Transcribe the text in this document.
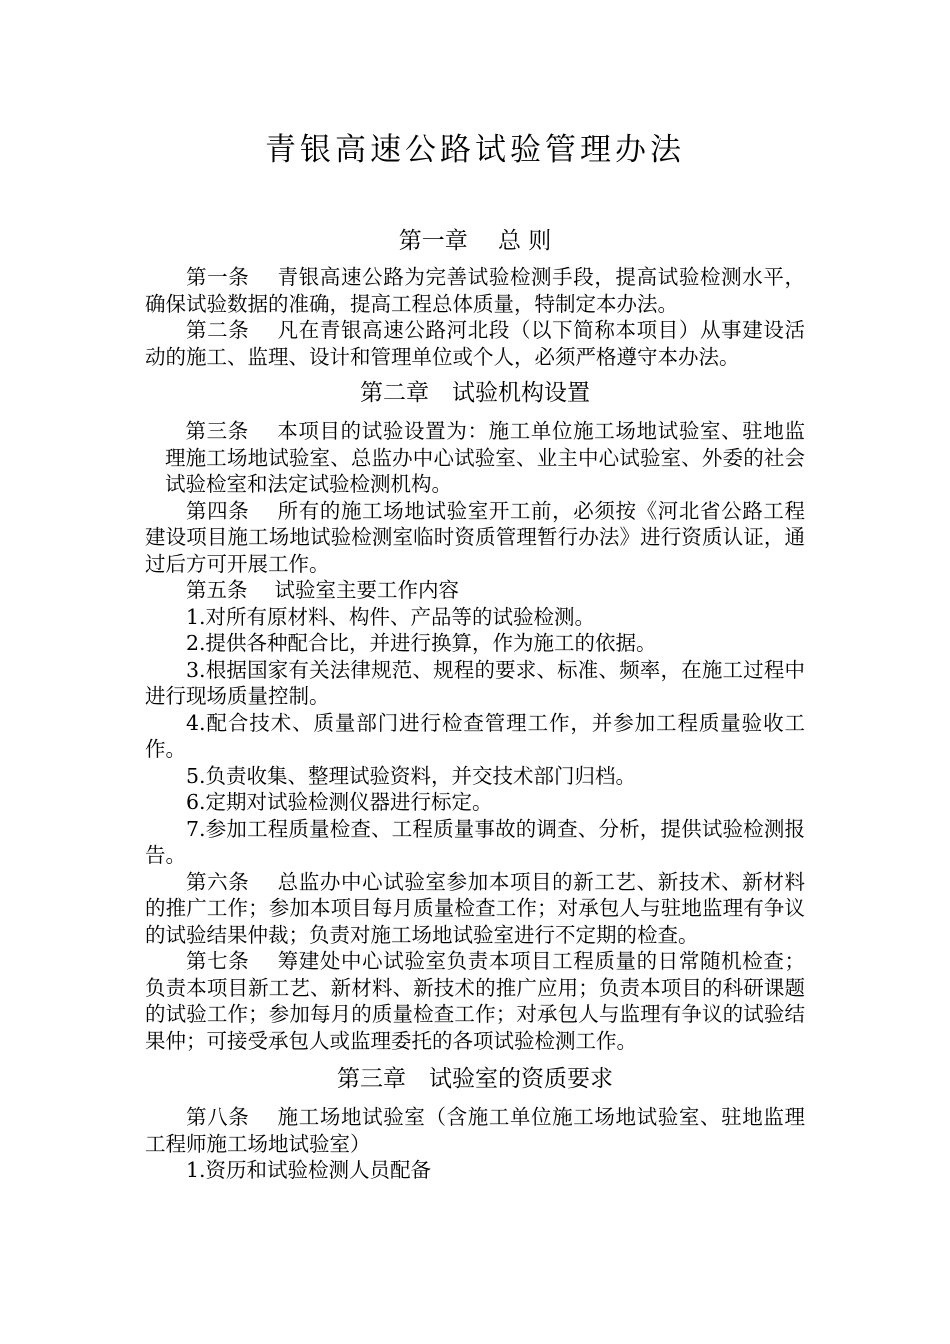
青银高速公路试验管理办法
第一章　 总 则

第一条　 青银高速公路为完善试验检测手段，提高试验检测水平，确保试验数据的准确，提高工程总体质量，特制定本办法。

第二条　 凡在青银高速公路河北段（以下简称本项目）从事建设活动的施工、监理、设计和管理单位或个人，必须严格遵守本办法。

第二章　试验机构设置

第三条　 本项目的试验设置为：施工单位施工场地试验室、驻地监理施工场地试验室、总监办中心试验室、业主中心试验室、外委的社会试验检室和法定试验检测机构。

第四条　 所有的施工场地试验室开工前，必须按《河北省公路工程建设项目施工场地试验检测室临时资质管理暂行办法》进行资质认证，通过后方可开展工作。

第五条　 试验室主要工作内容

1.对所有原材料、构件、产品等的试验检测。

2.提供各种配合比，并进行换算，作为施工的依据。

3.根据国家有关法律规范、规程的要求、标准、频率，在施工过程中进行现场质量控制。

4.配合技术、质量部门进行检查管理工作，并参加工程质量验收工作。

5.负责收集、整理试验资料，并交技术部门归档。

6.定期对试验检测仪器进行标定。

7.参加工程质量检查、工程质量事故的调查、分析，提供试验检测报告。

第六条　 总监办中心试验室参加本项目的新工艺、新技术、新材料的推广工作；参加本项目每月质量检查工作；对承包人与驻地监理有争议的试验结果仲裁；负责对施工场地试验室进行不定期的检查。

第七条　 筹建处中心试验室负责本项目工程质量的日常随机检查；负责本项目新工艺、新材料、新技术的推广应用；负责本项目的科研课题的试验工作；参加每月的质量检查工作；对承包人与监理有争议的试验结果仲；可接受承包人或监理委托的各项试验检测工作。

第三章　试验室的资质要求

第八条　 施工场地试验室（含施工单位施工场地试验室、驻地监理工程师施工场地试验室）

1.资历和试验检测人员配备
